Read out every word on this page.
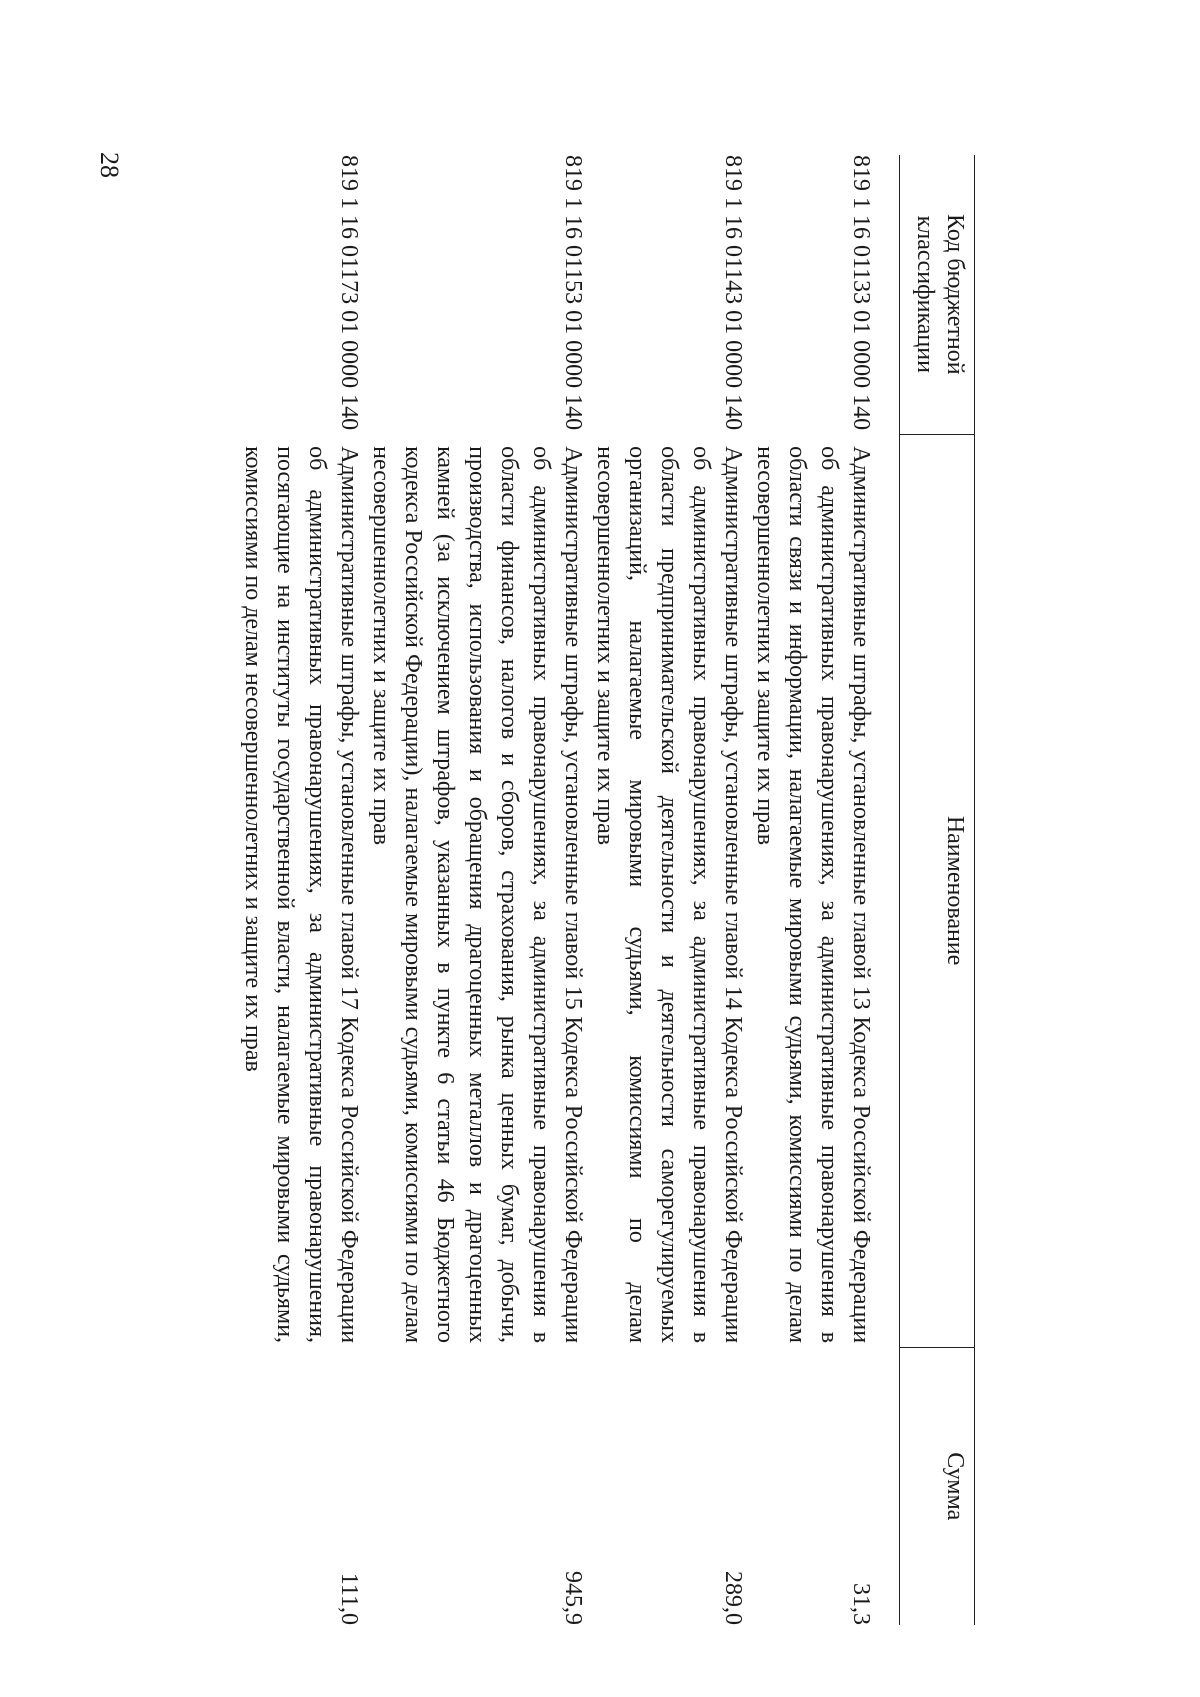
28
Код бюджетной классификации	Наименование	Сумма
819 1 16 01133 01 0000 140	Административные штрафы, установленные главой 13 Кодекса Российской Федерации об административных правонарушениях, за административные правонарушения в области связи и информации, налагаемые мировыми судьями, комиссиями по делам несовершеннолетних и защите их прав	31,3
819 1 16 01143 01 0000 140	Административные штрафы, установленные главой 14 Кодекса Российской Федерации об административных правонарушениях, за административные правонарушения в области предпринимательской деятельности и деятельности саморегулируемых организаций, налагаемые мировыми судьями, комиссиями по делам несовершеннолетних и защите их прав	289,0
819 1 16 01153 01 0000 140	Административные штрафы, установленные главой 15 Кодекса Российской Федерации об административных правонарушениях, за административные правонарушения в области финансов, налогов и сборов, страхования, рынка ценных бумаг, добычи, производства, использования и обращения драгоценных металлов и драгоценных камней (за исключением штрафов, указанных в пункте 6 статьи 46 Бюджетного кодекса Российской Федерации), налагаемые мировыми судьями, комиссиями по делам несовершеннолетних и защите их прав	945,9
819 1 16 01173 01 0000 140	Административные штрафы, установленные главой 17 Кодекса Российской Федерации об административных правонарушениях, за административные правонарушения, посягающие на институты государственной власти, налагаемые мировыми судьями, комиссиями по делам несовершеннолетних и защите их прав	111,0
